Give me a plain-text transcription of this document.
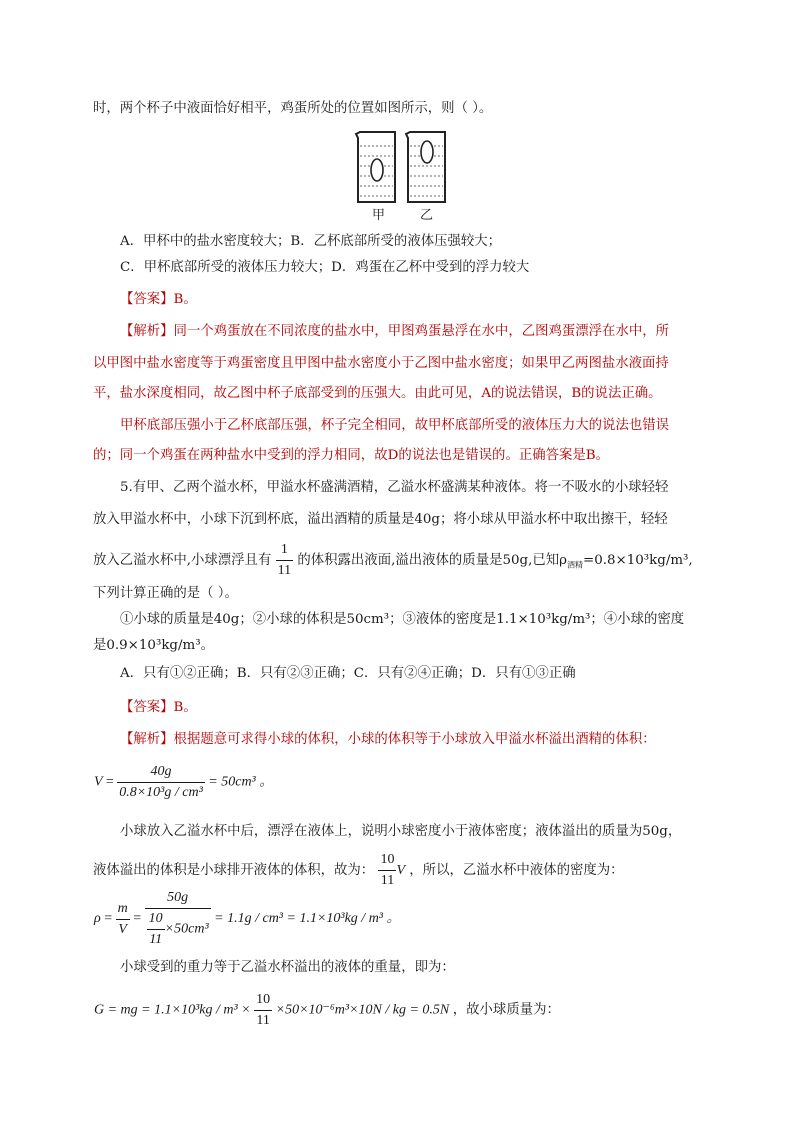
时，两个杯子中液面恰好相平，鸡蛋所处的位置如图所示，则（ ）。
甲	乙
A．甲杯中的盐水密度较大；B．乙杯底部所受的液体压强较大；
C．甲杯底部所受的液体压力较大；D．鸡蛋在乙杯中受到的浮力较大
【答案】B。
【解析】同一个鸡蛋放在不同浓度的盐水中，甲图鸡蛋悬浮在水中，乙图鸡蛋漂浮在水中，所
以甲图中盐水密度等于鸡蛋密度且甲图中盐水密度小于乙图中盐水密度；如果甲乙两图盐水液面持
平，盐水深度相同，故乙图中杯子底部受到的压强大。由此可见，A的说法错误，B的说法正确。
甲杯底部压强小于乙杯底部压强，杯子完全相同，故甲杯底部所受的液体压力大的说法也错误
的；同一个鸡蛋在两种盐水中受到的浮力相同，故D的说法也是错误的。正确答案是B。
5.有甲、乙两个溢水杯，甲溢水杯盛满酒精，乙溢水杯盛满某种液体。将一不吸水的小球轻轻
放入甲溢水杯中，小球下沉到杯底，溢出酒精的质量是40g；将小球从甲溢水杯中取出擦干，轻轻
放入乙溢水杯中,小球漂浮且有 $\frac{1}{11}$ 的体积露出液面,溢出液体的质量是50g,已知$\rho_{酒精}=0.8\times 10^3kg/m^3$,
下列计算正确的是（ ）。
①小球的质量是40g；②小球的体积是50cm³；③液体的密度是1.1×10³kg/m³；④小球的密度
是0.9×10³kg/m³。
A．只有①②正确；B．只有②③正确；C．只有②④正确；D．只有①③正确
【答案】B。
【解析】根据题意可求得小球的体积，小球的体积等于小球放入甲溢水杯溢出酒精的体积：
$V = \frac{40g}{\text{0.8×10³g / cm³}} = 50cm^3$ 。
小球放入乙溢水杯中后，漂浮在液体上，说明小球密度小于液体密度；液体溢出的质量为50g，
液体溢出的体积是小球排开液体的体积，故为： $\frac{10}{11}$ V ，所以，乙溢水杯中液体的密度为：
$\rho = \frac{m}{V} = \frac{50g}{\frac{10}{11} \times 50cm^3} = 1.1g / cm^3 = 1.1\times 10^3kg / m^3$ 。
小球受到的重力等于乙溢水杯溢出的液体的重量，即为：
G = mg = $1.1\times 10^3kg / m^3 \times \frac{10}{11} \times 50\times 10^{-6}m^3\times 10N$ / kg = 0.5N ，故小球质量为：
